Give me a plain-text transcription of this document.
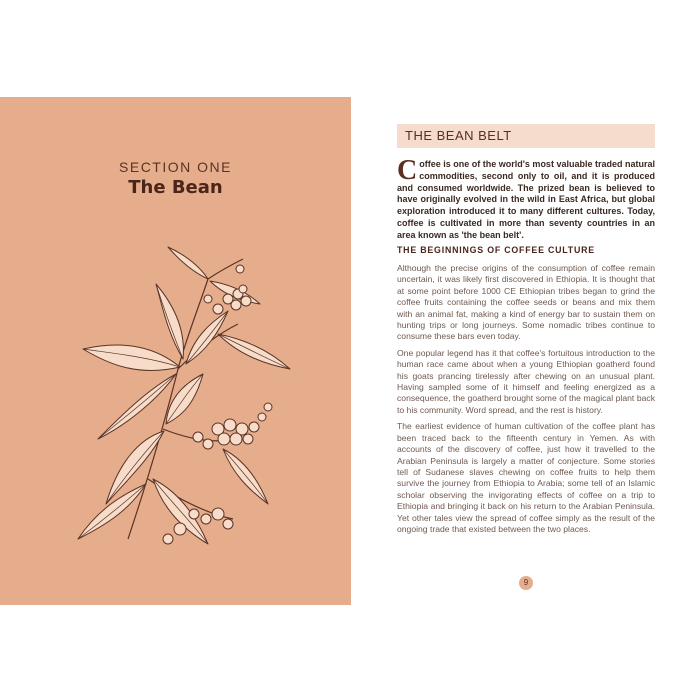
SECTION ONE
The Bean
THE BEAN BELT
Coffee is one of the world's most valuable traded natural commodities, second only to oil, and it is produced and consumed worldwide. The prized bean is believed to have originally evolved in the wild in East Africa, but global exploration introduced it to many different cultures. Today, coffee is cultivated in more than seventy countries in an area known as 'the bean belt'.
THE BEGINNINGS OF COFFEE CULTURE

Although the precise origins of the consumption of coffee remain uncertain, it was likely first discovered in Ethiopia. It is thought that at some point before 1000 CE Ethiopian tribes began to grind the coffee fruits containing the coffee seeds or beans and mix them with an animal fat, making a kind of energy bar to sustain them on hunting trips or long journeys. Some nomadic tribes continue to consume these bars even today.

One popular legend has it that coffee's fortuitous introduction to the human race came about when a young Ethiopian goatherd found his goats prancing tirelessly after chewing on an unusual plant. Having sampled some of it himself and feeling energized as a consequence, the goatherd brought some of the magical plant back to his community. Word spread, and the rest is history.

The earliest evidence of human cultivation of the coffee plant has been traced back to the fifteenth century in Yemen. As with accounts of the discovery of coffee, just how it travelled to the Arabian Peninsula is largely a matter of conjecture. Some stories tell of Sudanese slaves chewing on coffee fruits to help them survive the journey from Ethiopia to Arabia; some tell of an Islamic scholar observing the invigorating effects of coffee on a trip to Ethiopia and bringing it back on his return to the Arabian Peninsula. Yet other tales view the spread of coffee simply as the result of the ongoing trade that existed between the two places.

9
